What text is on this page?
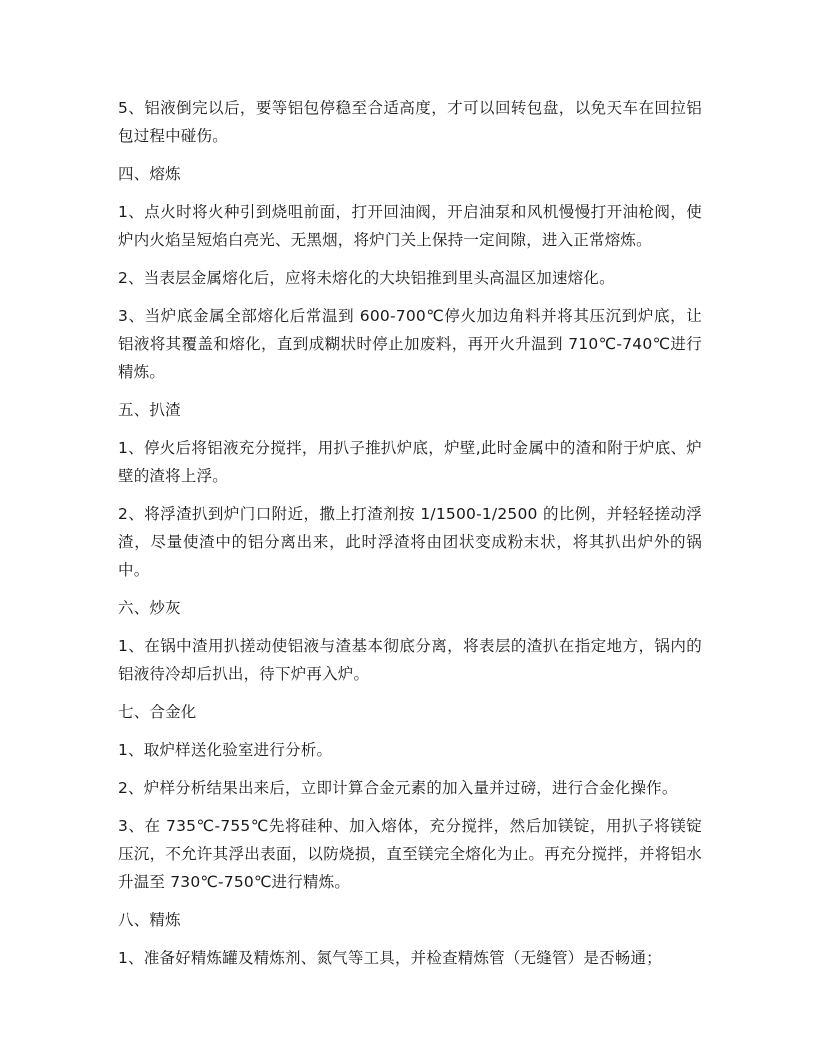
5、铝液倒完以后，要等铝包停稳至合适高度，才可以回转包盘，以免天车在回拉铝包过程中碰伤。

四、熔炼

1、点火时将火种引到烧咀前面，打开回油阀，开启油泵和风机慢慢打开油枪阀，使炉内火焰呈短焰白亮光、无黑烟，将炉门关上保持一定间隙，进入正常熔炼。

2、当表层金属熔化后，应将未熔化的大块铝推到里头高温区加速熔化。

3、当炉底金属全部熔化后常温到 600-700℃停火加边角料并将其压沉到炉底，让铝液将其覆盖和熔化，直到成糊状时停止加废料，再开火升温到 710℃-740℃进行精炼。

五、扒渣

1、停火后将铝液充分搅拌，用扒子推扒炉底，炉壁,此时金属中的渣和附于炉底、炉壁的渣将上浮。

2、将浮渣扒到炉门口附近，撒上打渣剂按 1/1500-1/2500 的比例，并轻轻搓动浮渣，尽量使渣中的铝分离出来，此时浮渣将由团状变成粉末状，将其扒出炉外的锅中。

六、炒灰

1、在锅中渣用扒搓动使铝液与渣基本彻底分离，将表层的渣扒在指定地方，锅内的铝液待冷却后扒出，待下炉再入炉。

七、合金化

1、取炉样送化验室进行分析。

2、炉样分析结果出来后，立即计算合金元素的加入量并过磅，进行合金化操作。

3、在 735℃-755℃先将硅种、加入熔体，充分搅拌，然后加镁锭，用扒子将镁锭压沉，不允许其浮出表面，以防烧损，直至镁完全熔化为止。再充分搅拌，并将铝水升温至 730℃-750℃进行精炼。

八、精炼

1、准备好精炼罐及精炼剂、氮气等工具，并检查精炼管（无缝管）是否畅通；
